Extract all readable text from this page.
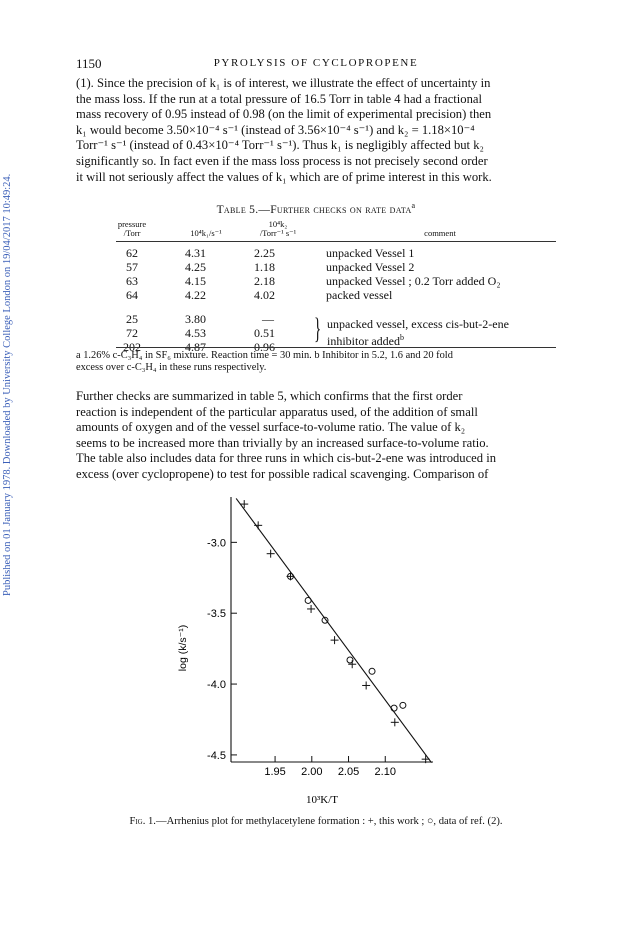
Published on 01 January 1978. Downloaded by University College London on 19/04/2017 10:49:24.
1150	PYROLYSIS OF CYCLOPROPENE
(1). Since the precision of k₁ is of interest, we illustrate the effect of uncertainty in
the mass loss. If the run at a total pressure of 16.5 Torr in table 4 had a fractional
mass recovery of 0.95 instead of 0.98 (on the limit of experimental precision) then
k₁ would become 3.50×10⁻⁴ s⁻¹ (instead of 3.56×10⁻⁴ s⁻¹) and k₂ = 1.18×10⁻⁴
Torr⁻¹ s⁻¹ (instead of 0.43×10⁻⁴ Torr⁻¹ s⁻¹). Thus k₁ is negligibly affected but k₂
significantly so. In fact even if the mass loss process is not precisely second order
it will not seriously affect the values of k₁ which are of prime interest in this work.
Table 5.—Further checks on rate data$^a$
pressure
/Torr	10⁴k₁/s⁻¹
10⁴k₂
/Torr⁻¹ s⁻¹	comment
62	4.31	2.25	unpacked Vessel 1
57	4.25	1.18	unpacked Vessel 2
63	4.15	2.18	unpacked Vessel ; 0.2 Torr added O₂
64	4.22	4.02	packed vessel
25	3.80	—
72	4.53	0.51
202	4.87	0.96
} unpacked vessel, excess cis-but-2-ene
inhibitor added$^b$
a 1.26% c-C₃H₄ in SF₆ mixture. Reaction time = 30 min. b Inhibitor in 5.2, 1.6 and 20 fold
excess over c-C₃H₄ in these runs respectively.
Further checks are summarized in table 5, which confirms that the first order
reaction is independent of the particular apparatus used, of the addition of small
amounts of oxygen and of the vessel surface-to-volume ratio. The value of k₂
seems to be increased more than trivially by an increased surface-to-volume ratio.
The table also includes data for three runs in which cis-but-2-ene was introduced in
excess (over cyclopropene) to test for possible radical scavenging. Comparison of
-3.0
-3.5
-4.0
-4.5
1.95 2.00 2.05 2.10
10³K/T
log (k/s⁻¹)
Fig. 1.—Arrhenius plot for methylacetylene formation : +, this work ; ○, data of ref. (2).
